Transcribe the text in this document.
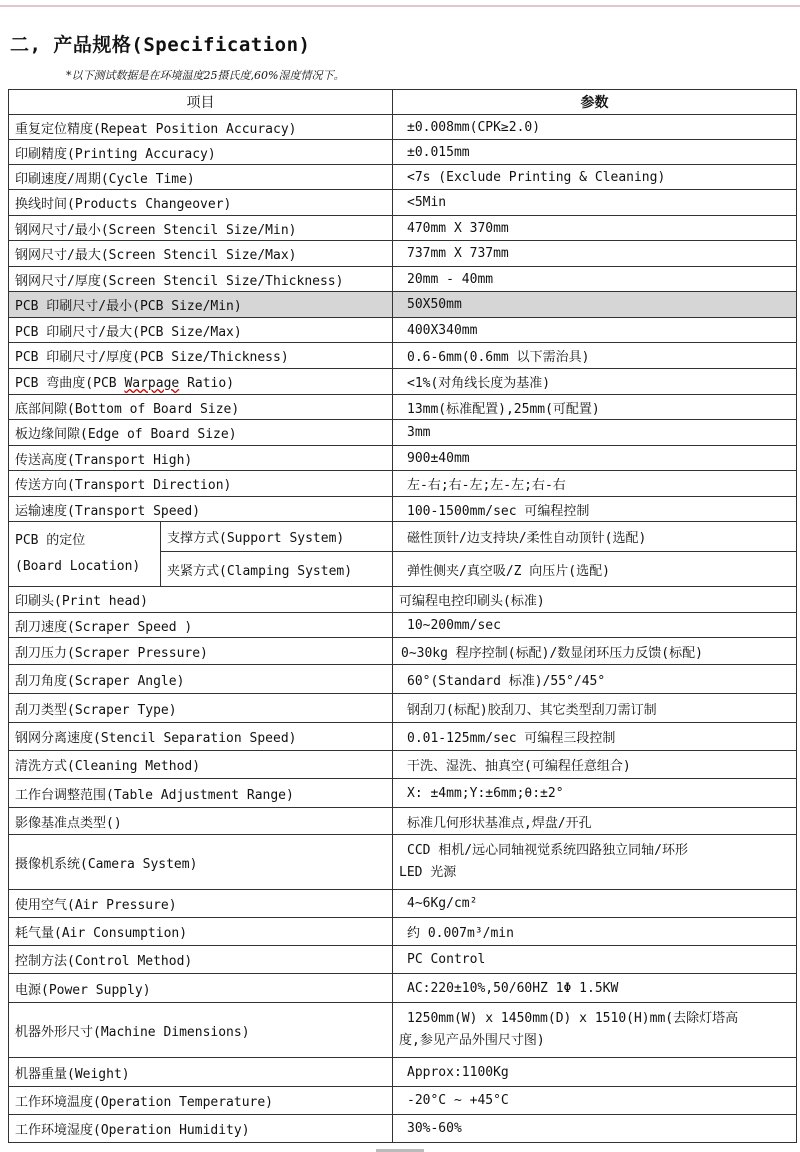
二, 产品规格(Specification)
*以下测试数据是在环境温度25摄氏度,60%湿度情况下。
项目		参数
重复定位精度(Repeat Position Accuracy)		±0.008mm(CPK≥2.0)
印刷精度(Printing Accuracy)		±0.015mm
印刷速度/周期(Cycle Time)		<7s (Exclude Printing & Cleaning)
换线时间(Products Changeover)		<5Min
钢网尺寸/最小(Screen Stencil Size/Min)		470mm X 370mm
钢网尺寸/最大(Screen Stencil Size/Max)		737mm X 737mm
钢网尺寸/厚度(Screen Stencil Size/Thickness)		20mm - 40mm
PCB 印刷尺寸/最小(PCB Size/Min)		50X50mm
PCB 印刷尺寸/最大(PCB Size/Max)		400X340mm
PCB 印刷尺寸/厚度(PCB Size/Thickness)		0.6-6mm(0.6mm 以下需治具)
PCB 弯曲度(PCB Warpage Ratio)		<1%(对角线长度为基准)
底部间隙(Bottom of Board Size)		13mm(标准配置),25mm(可配置)
板边缘间隙(Edge of Board Size)		3mm
传送高度(Transport High)		900±40mm
传送方向(Transport Direction)		左-右;右-左;左-左;右-右
运输速度(Transport Speed)		100-1500mm/sec 可编程控制

PCB 的定位
(Board Location)	支撑方式(Support System)	磁性顶针/边支持块/柔性自动顶针(选配)
	夹紧方式(Clamping System)	弹性侧夹/真空吸/Z 向压片(选配)
印刷头(Print head)		可编程电控印刷头(标准)
刮刀速度(Scraper Speed )		10~200mm/sec
刮刀压力(Scraper Pressure)		0~30kg 程序控制(标配)/数显闭环压力反馈(标配)
刮刀角度(Scraper Angle)		60°(Standard 标准)/55°/45°
刮刀类型(Scraper Type)		钢刮刀(标配)胶刮刀、其它类型刮刀需订制
钢网分离速度(Stencil Separation Speed)		0.01-125mm/sec 可编程三段控制
清洗方式(Cleaning Method)		干洗、湿洗、抽真空(可编程任意组合)
工作台调整范围(Table Adjustment Range)		X: ±4mm;Y:±6mm;θ:±2°
影像基准点类型()		标准几何形状基准点,焊盘/开孔
摄像机系统(Camera System)		CCD 相机/远心同轴视觉系统四路独立同轴/环形
LED 光源
使用空气(Air Pressure)		4~6Kg/cm²
耗气量(Air Consumption)		约 0.007m³/min
控制方法(Control Method)		PC Control
电源(Power Supply)		AC:220±10%,50/60HZ 1Φ 1.5KW
机器外形尺寸(Machine Dimensions)		1250mm(W) x 1450mm(D) x 1510(H)mm(去除灯塔高
度,参见产品外围尺寸图)
机器重量(Weight)		Approx:1100Kg
工作环境温度(Operation Temperature)		-20°C ~ +45°C
工作环境湿度(Operation Humidity)		30%-60%
